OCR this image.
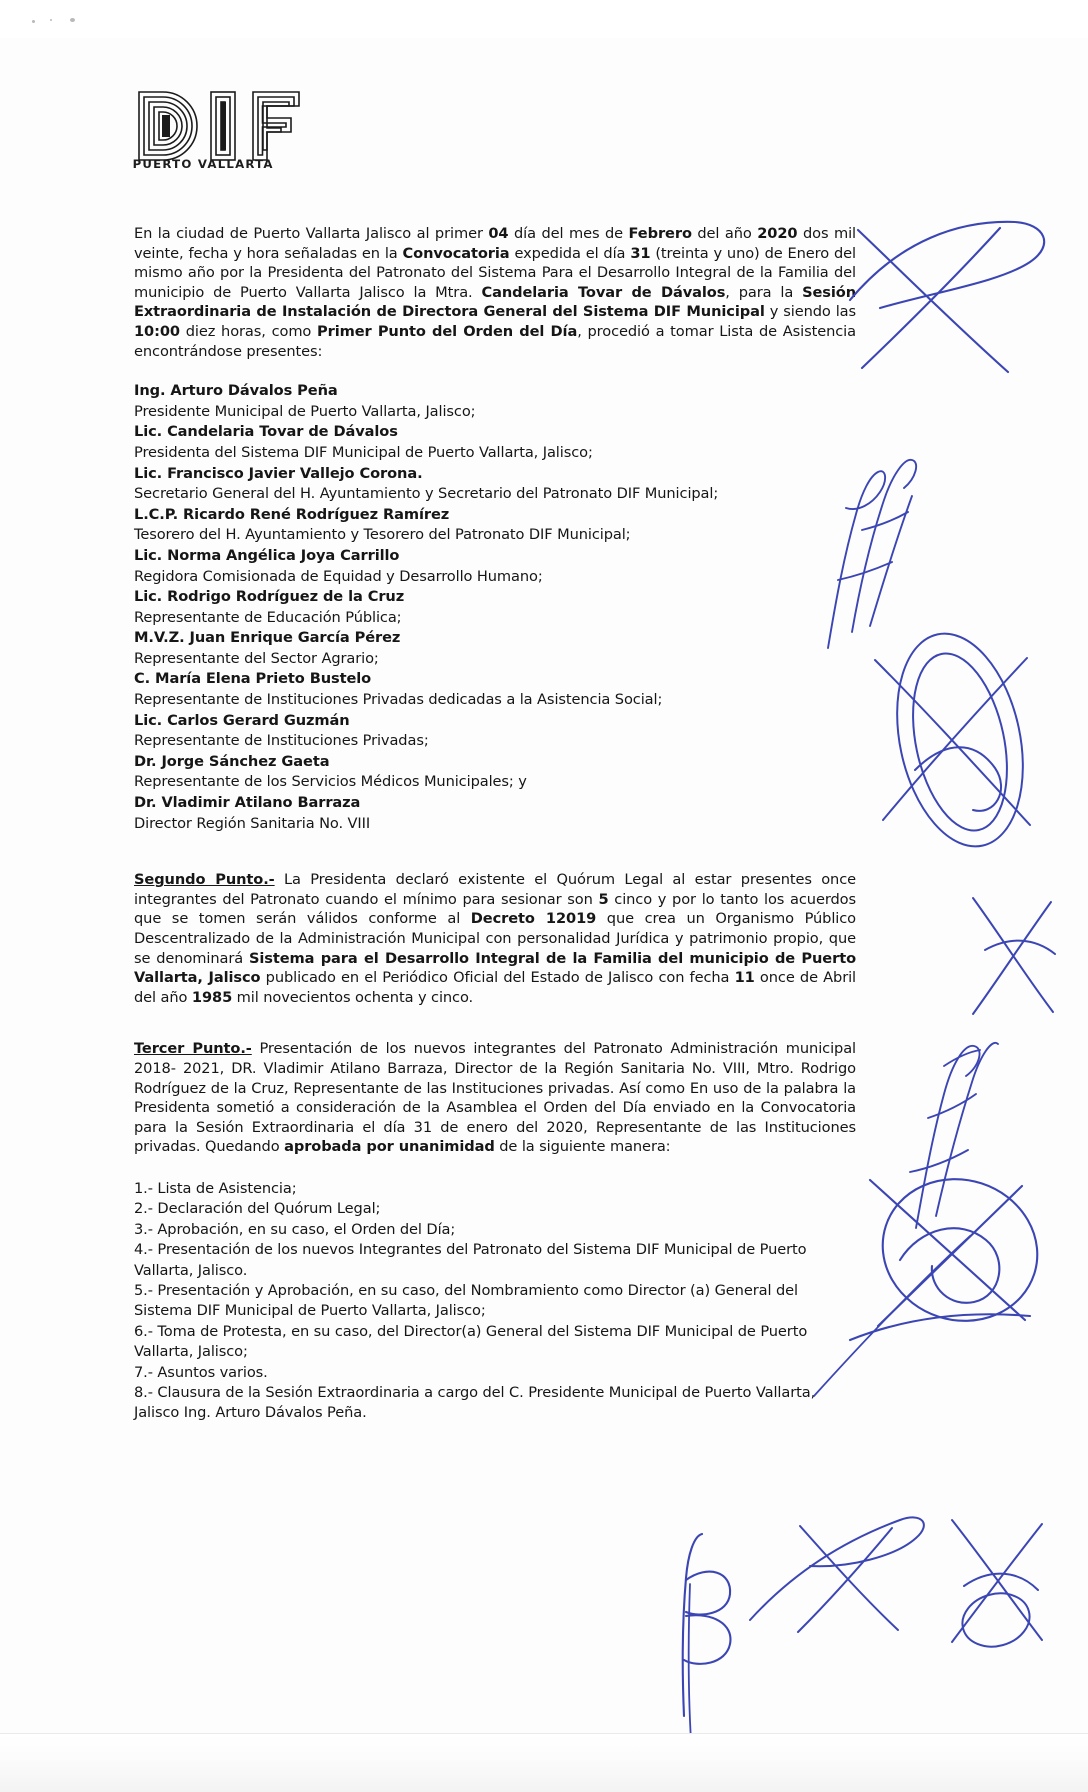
PUERTO VALLARTA

En la ciudad de Puerto Vallarta Jalisco al primer 04 día del mes de Febrero del año 2020 dos mil veinte, fecha y hora señaladas en la Convocatoria expedida el día 31 (treinta y uno) de Enero del mismo año por la Presidenta del Patronato del Sistema Para el Desarrollo Integral de la Familia del municipio de Puerto Vallarta Jalisco la Mtra. Candelaria Tovar de Dávalos, para la Sesión Extraordinaria de Instalación de Directora General del Sistema DIF Municipal y siendo las 10:00 diez horas, como Primer Punto del Orden del Día, procedió a tomar Lista de Asistencia encontrándose presentes:

Ing. Arturo Dávalos Peña
Presidente Municipal de Puerto Vallarta, Jalisco;
Lic. Candelaria Tovar de Dávalos
Presidenta del Sistema DIF Municipal de Puerto Vallarta, Jalisco;
Lic. Francisco Javier Vallejo Corona.
Secretario General del H. Ayuntamiento y Secretario del Patronato DIF Municipal;
L.C.P. Ricardo René Rodríguez Ramírez
Tesorero del H. Ayuntamiento y Tesorero del Patronato DIF Municipal;
Lic. Norma Angélica Joya Carrillo
Regidora Comisionada de Equidad y Desarrollo Humano;
Lic. Rodrigo Rodríguez de la Cruz
Representante de Educación Pública;
M.V.Z. Juan Enrique García Pérez
Representante del Sector Agrario;
C. María Elena Prieto Bustelo
Representante de Instituciones Privadas dedicadas a la Asistencia Social;
Lic. Carlos Gerard Guzmán
Representante de Instituciones Privadas;
Dr. Jorge Sánchez Gaeta
Representante de los Servicios Médicos Municipales; y
Dr. Vladimir Atilano Barraza
Director Región Sanitaria No. VIII

Segundo Punto.- La Presidenta declaró existente el Quórum Legal al estar presentes once integrantes del Patronato cuando el mínimo para sesionar son 5 cinco y por lo tanto los acuerdos que se tomen serán válidos conforme al Decreto 12019 que crea un Organismo Público Descentralizado de la Administración Municipal con personalidad Jurídica y patrimonio propio, que se denominará Sistema para el Desarrollo Integral de la Familia del municipio de Puerto Vallarta, Jalisco publicado en el Periódico Oficial del Estado de Jalisco con fecha 11 once de Abril del año 1985 mil novecientos ochenta y cinco.

Tercer Punto.- Presentación de los nuevos integrantes del Patronato Administración municipal 2018- 2021, DR. Vladimir Atilano Barraza, Director de la Región Sanitaria No. VIII, Mtro. Rodrigo Rodríguez de la Cruz, Representante de las Instituciones privadas. Así como En uso de la palabra la Presidenta sometió a consideración de la Asamblea el Orden del Día enviado en la Convocatoria para la Sesión Extraordinaria el día 31 de enero del 2020, Representante de las Instituciones privadas. Quedando aprobada por unanimidad de la siguiente manera:

1.- Lista de Asistencia;
2.- Declaración del Quórum Legal;
3.- Aprobación, en su caso, el Orden del Día;
4.- Presentación de los nuevos Integrantes del Patronato del Sistema DIF Municipal de Puerto Vallarta, Jalisco.
5.- Presentación y Aprobación, en su caso, del Nombramiento como Director (a) General del Sistema DIF Municipal de Puerto Vallarta, Jalisco;
6.- Toma de Protesta, en su caso, del Director(a) General del Sistema DIF Municipal de Puerto Vallarta, Jalisco;
7.- Asuntos varios.
8.- Clausura de la Sesión Extraordinaria a cargo del C. Presidente Municipal de Puerto Vallarta, Jalisco Ing. Arturo Dávalos Peña.
